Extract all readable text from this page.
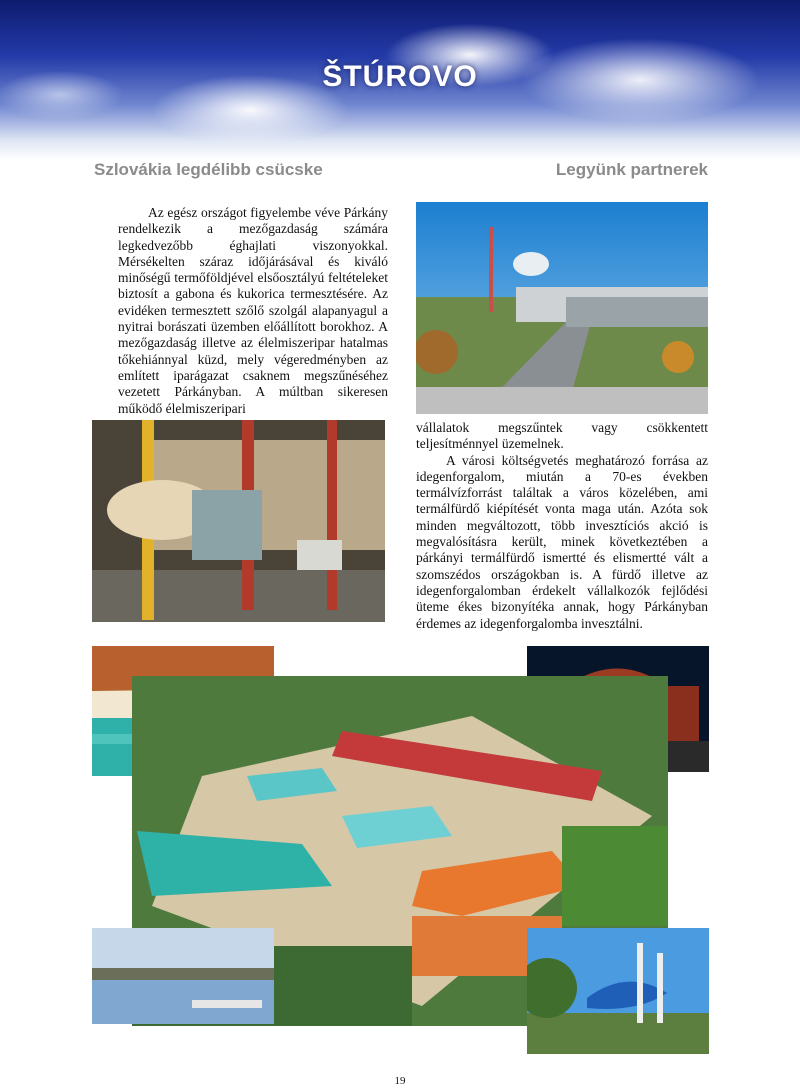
ŠTÚROVO
Szlovákia legdélibb csücske	Legyünk partnerek

Az egész országot figyelembe véve Párkány rendelkezik a mezőgazdaság számára legkedvezőbb éghajlati viszonyokkal. Mérsékelten száraz időjárásával és kiváló minőségű termőföldjével elsőosztályú feltételeket biztosít a gabona és kukorica termesztésére. Az evidéken termesztett szőlő szolgál alapanyagul a nyitrai borászati üzemben előállított borokhoz. A mezőgazdaság illetve az élelmiszeripar hatalmas tőkehiánnyal küzd, mely végeredményben az említett iparágazat csaknem megszűnéséhez vezetett Párkányban. A múltban sikeresen működő élelmiszeripari

vállalatok megszűntek vagy csökkentett teljesítménnyel üzemelnek.

A városi költségvetés meghatározó forrása az idegenforgalom, miután a 70-es években termálvízforrást találtak a város közelében, ami termálfürdő kiépítését vonta maga után. Azóta sok minden megváltozott, több invesztíciós akció is megvalósításra került, minek következtében a párkányi termálfürdő ismertté és elismertté vált a szomszédos országokban is. A fürdő illetve az idegenforgalomban érdekelt vállalkozók fejlődési üteme ékes bizonyítéka annak, hogy Párkányban érdemes az idegenforgalomba invesztálni.

19
